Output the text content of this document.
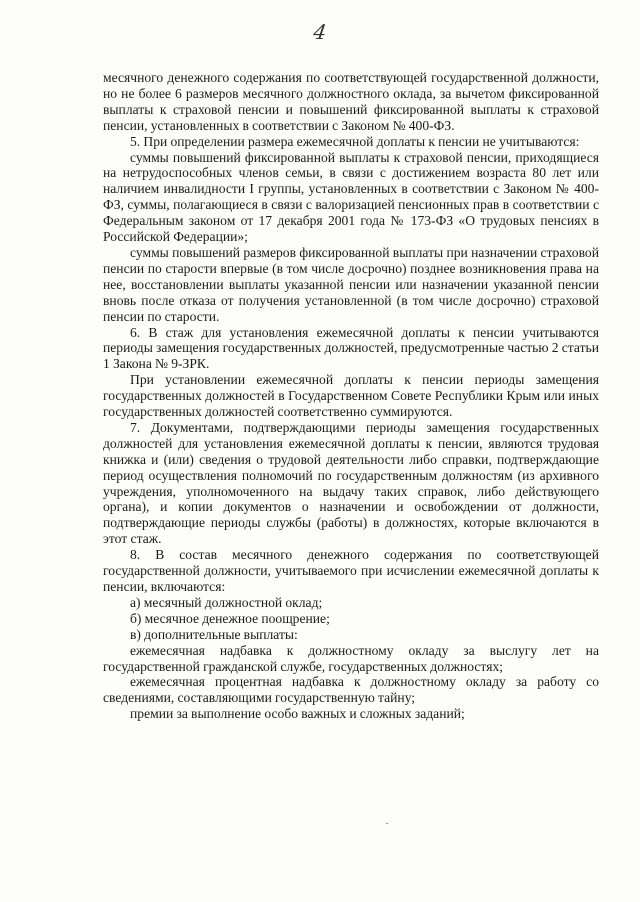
4

месячного денежного содержания по соответствующей государственной должности, но не более 6 размеров месячного должностного оклада, за вычетом фиксированной выплаты к страховой пенсии и повышений фиксированной выплаты к страховой пенсии, установленных в соответствии с Законом № 400-ФЗ.

5. При определении размера ежемесячной доплаты к пенсии не учитываются:

суммы повышений фиксированной выплаты к страховой пенсии, приходящиеся на нетрудоспособных членов семьи, в связи с достижением возраста 80 лет или наличием инвалидности I группы, установленных в соответствии с Законом № 400-ФЗ, суммы, полагающиеся в связи с валоризацией пенсионных прав в соответствии с Федеральным законом от 17 декабря 2001 года № 173-ФЗ «О трудовых пенсиях в Российской Федерации»;

суммы повышений размеров фиксированной выплаты при назначении страховой пенсии по старости впервые (в том числе досрочно) позднее возникновения права на нее, восстановлении выплаты указанной пенсии или назначении указанной пенсии вновь после отказа от получения установленной (в том числе досрочно) страховой пенсии по старости.

6. В стаж для установления ежемесячной доплаты к пенсии учитываются периоды замещения государственных должностей, предусмотренные частью 2 статьи 1 Закона № 9-ЗРК.

При установлении ежемесячной доплаты к пенсии периоды замещения государственных должностей в Государственном Совете Республики Крым или иных государственных должностей соответственно суммируются.

7. Документами, подтверждающими периоды замещения государственных должностей для установления ежемесячной доплаты к пенсии, являются трудовая книжка и (или) сведения о трудовой деятельности либо справки, подтверждающие период осуществления полномочий по государственным должностям (из архивного учреждения, уполномоченного на выдачу таких справок, либо действующего органа), и копии документов о назначении и освобождении от должности, подтверждающие периоды службы (работы) в должностях, которые включаются в этот стаж.

8. В состав месячного денежного содержания по соответствующей государственной должности, учитываемого при исчислении ежемесячной доплаты к пенсии, включаются:

а) месячный должностной оклад;

б) месячное денежное поощрение;

в) дополнительные выплаты:

ежемесячная надбавка к должностному окладу за выслугу лет на государственной гражданской службе, государственных должностях;

ежемесячная процентная надбавка к должностному окладу за работу со сведениями, составляющими государственную тайну;

премии за выполнение особо важных и сложных заданий;
